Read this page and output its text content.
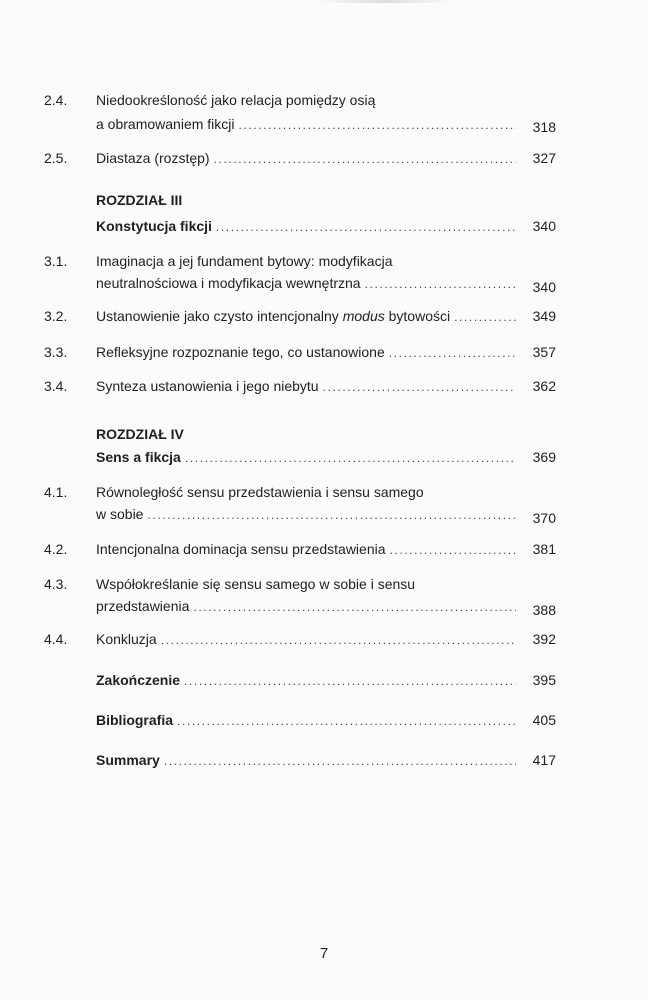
2.4. Niedookreśloność jako relacja pomiędzy osią
a obramowaniem fikcji .....	318
2.5. Diastaza (rozstęp) .....	327
ROZDZIAŁ III
Konstytucja fikcji .....	340
3.1. Imaginacja a jej fundament bytowy: modyfikacja
neutralnościowa i modyfikacja wewnętrzna .....	340
3.2. Ustanowienie jako czysto intencjonalny modus bytowości .....	349
3.3. Refleksyjne rozpoznanie tego, co ustanowione .....	357
3.4. Synteza ustanowienia i jego niebytu .....	362
ROZDZIAŁ IV
Sens a fikcja .....	369
4.1. Równoległość sensu przedstawienia i sensu samego
w sobie .....	370
4.2. Intencjonalna dominacja sensu przedstawienia .....	381
4.3. Współokreślanie się sensu samego w sobie i sensu
przedstawienia .....	388
4.4. Konkluzja .....	392
Zakończenie .....	395
Bibliografia .....	405
Summary .....	417
7
